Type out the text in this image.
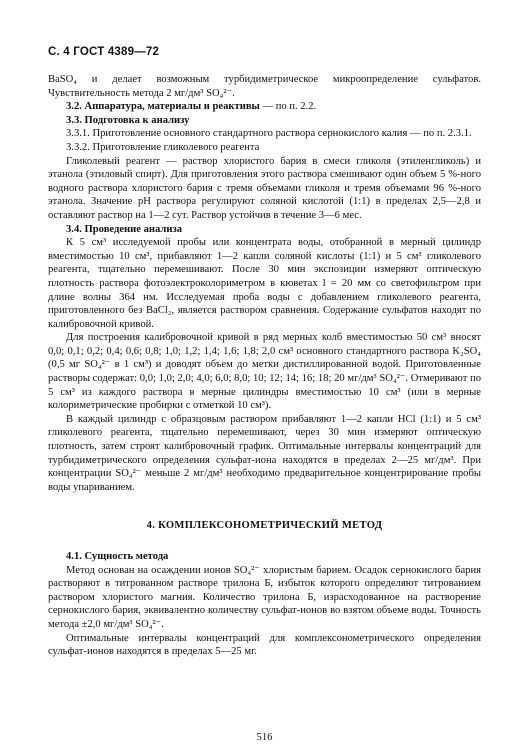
С. 4 ГОСТ 4389—72

BaSO₄ и делает возможным турбидиметрическое микроопределение сульфатов. Чувствительность метода 2 мг/дм³ SO₄²⁻.

3.2. Аппаратура, материалы и реактивы — по п. 2.2.

3.3. Подготовка к анализу

3.3.1. Приготовление основного стандартного раствора сернокислого калия — по п. 2.3.1.

3.3.2. Приготовление гликолевого реагента

Гликолевый реагент — раствор хлористого бария в смеси гликоля (этиленгликоль) и этанола (этиловый спирт). Для приготовления этого раствора смешивают один объем 5 %-ного водного раствора хлористого бария с тремя объемами гликоля и тремя объемами 96 %-ного этанола. Значение pH раствора регулируют соляной кислотой (1:1) в пределах 2,5—2,8 и оставляют раствор на 1—2 сут. Раствор устойчив в течение 3—6 мес.

3.4. Проведение анализа

К 5 см³ исследуемой пробы или концентрата воды, отобранной в мерный цилиндр вместимостью 10 см³, прибавляют 1—2 капли соляной кислоты (1:1) и 5 см³ гликолевого реагента, тщательно перемешивают. После 30 мин экспозиции измеряют оптическую плотность раствора фотоэлектроколориметром в кюветах l = 20 мм со светофильтром при длине волны 364 нм. Исследуемая проба воды с добавлением гликолевого реагента, приготовленного без BaCl₂, является раствором сравнения. Содержание сульфатов находят по калибровочной кривой.

Для построения калибровочной кривой в ряд мерных колб вместимостью 50 см³ вносят 0,0; 0,1; 0,2; 0,4; 0,6; 0,8; 1,0; 1,2; 1,4; 1,6; 1,8; 2,0 см³ основного стандартного раствора K₂SO₄ (0,5 мг SO₄²⁻ в 1 см³) и доводят объем до метки дистиллированной водой. Приготовленные растворы содержат: 0,0; 1,0; 2,0; 4,0; 6,0; 8,0; 10; 12; 14; 16; 18; 20 мг/дм³ SO₄²⁻. Отмеривают по 5 см³ из каждого раствора в мерные цилиндры вместимостью 10 см³ (или в мерные колориметрические пробирки с отметкой 10 см³).

В каждый цилиндр с образцовым раствором прибавляют 1—2 капли HCl (1:1) и 5 см³ гликолевого реагента, тщательно перемешивают, через 30 мин измеряют оптическую плотность, затем строят калибровочный график. Оптимальные интервалы концентраций для турбидиметрического определения сульфат-иона находятся в пределах 2—25 мг/дм³. При концентрации SO₄²⁻ меньше 2 мг/дм³ необходимо предварительное концентрирование пробы воды упариванием.

4. КОМПЛЕКСОНОМЕТРИЧЕСКИЙ МЕТОД

4.1. Сущность метода

Метод основан на осаждении ионов SO₄²⁻ хлористым барием. Осадок сернокислого бария растворяют в титрованном растворе трилона Б, избыток которого определяют титрованием раствором хлористого магния. Количество трилона Б, израсходованное на растворение сернокислого бария, эквивалентно количеству сульфат-ионов во взятом объеме воды. Точность метода ±2,0 мг/дм³ SO₄²⁻.

Оптимальные интервалы концентраций для комплексонометрического определения сульфат-ионов находятся в пределах 5—25 мг.

516
